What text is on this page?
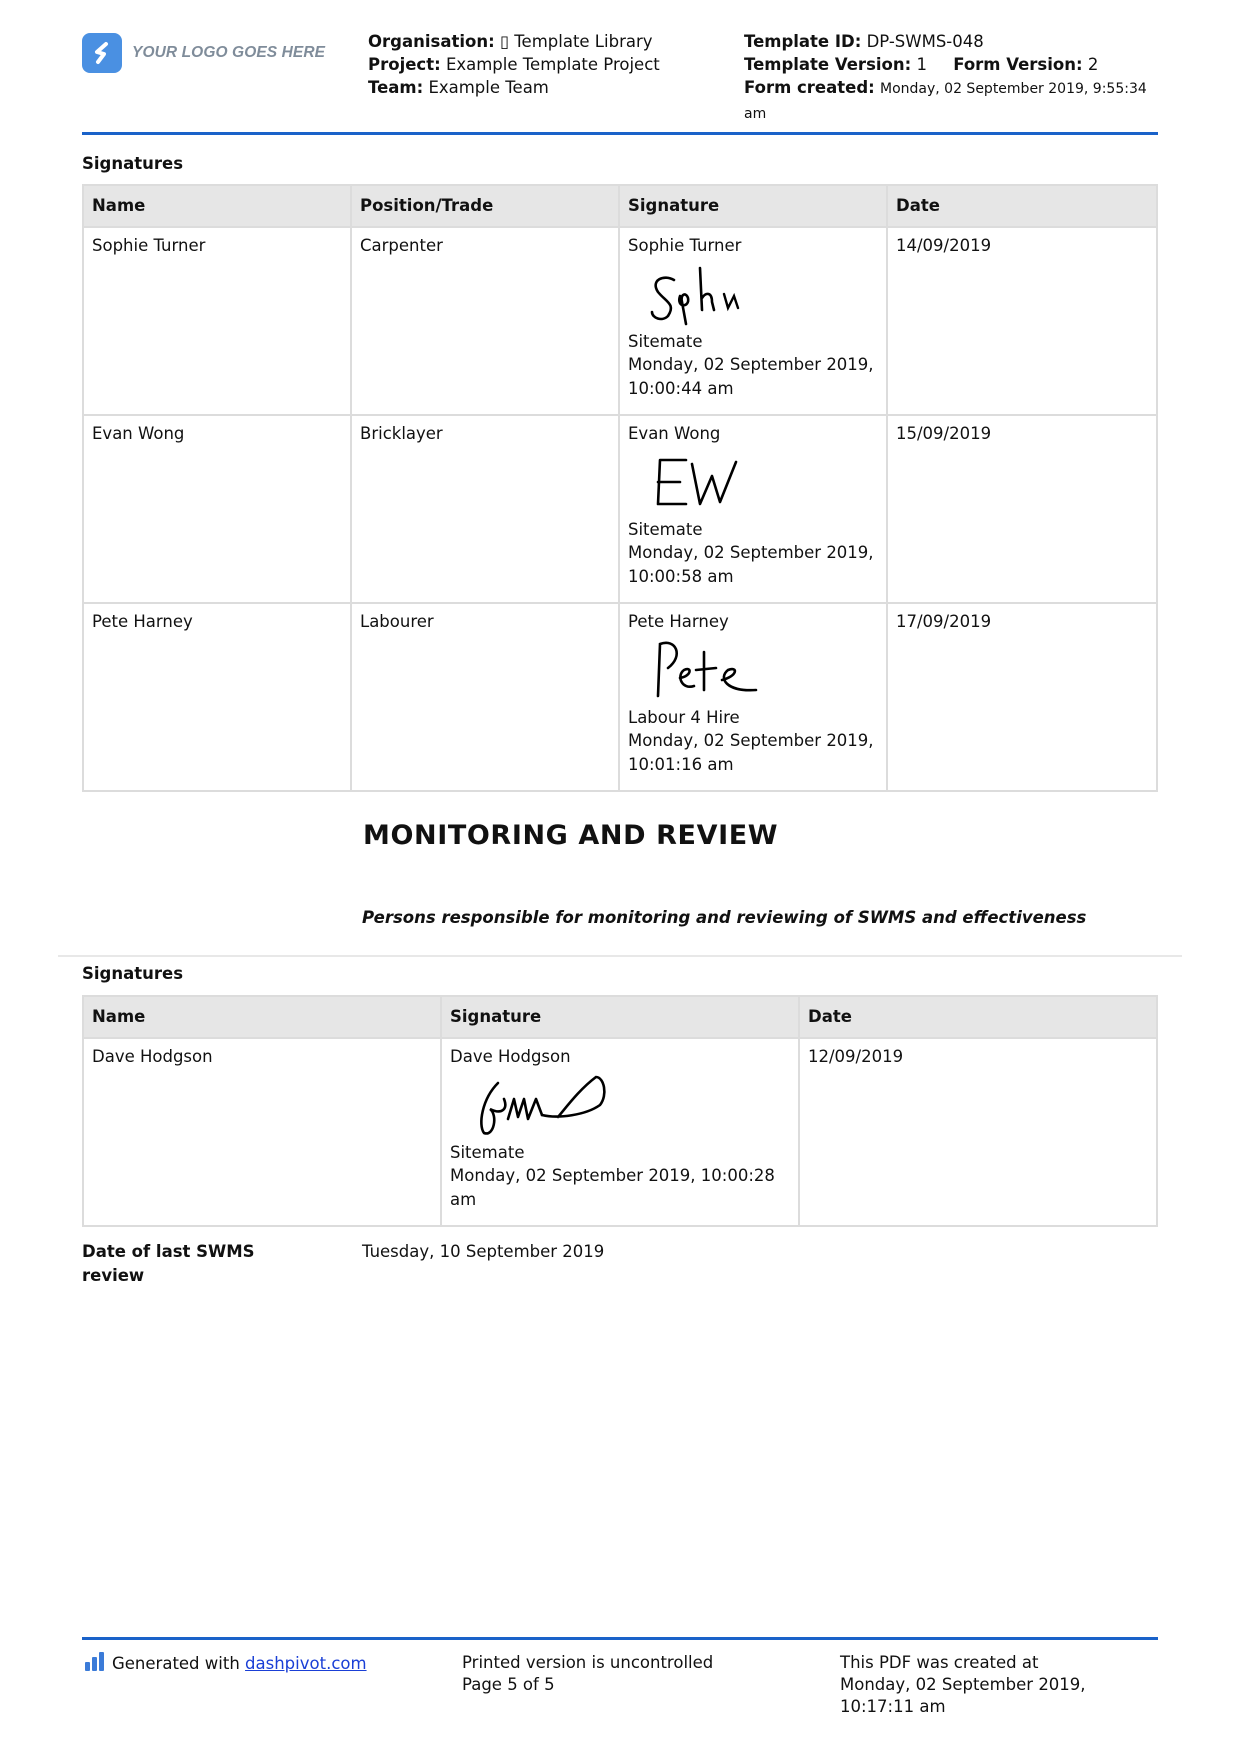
YOUR LOGO GOES HERE
Organisation: ▯ Template Library
Project: Example Template Project
Team: Example Team
Template ID: DP-SWMS-048
Template Version: 1 Form Version: 2
Form created: Monday, 02 September 2019, 9:55:34 am
Signatures
Name	Position/Trade	Signature	Date
Sophie Turner	Carpenter	Sophie Turner
Sitemate
Monday, 02 September 2019, 10:00:44 am	14/09/2019
Evan Wong	Bricklayer	Evan Wong
Sitemate
Monday, 02 September 2019, 10:00:58 am	15/09/2019
Pete Harney	Labourer	Pete Harney
Labour 4 Hire
Monday, 02 September 2019, 10:01:16 am	17/09/2019
MONITORING AND REVIEW
Persons responsible for monitoring and reviewing of SWMS and effectiveness
Signatures
Name	Signature	Date
Dave Hodgson	Dave Hodgson
Sitemate
Monday, 02 September 2019, 10:00:28 am	12/09/2019
Date of last SWMS review
Tuesday, 10 September 2019
Generated with dashpivot.com	Printed version is uncontrolled
Page 5 of 5
This PDF was created at
Monday, 02 September 2019, 10:17:11 am
